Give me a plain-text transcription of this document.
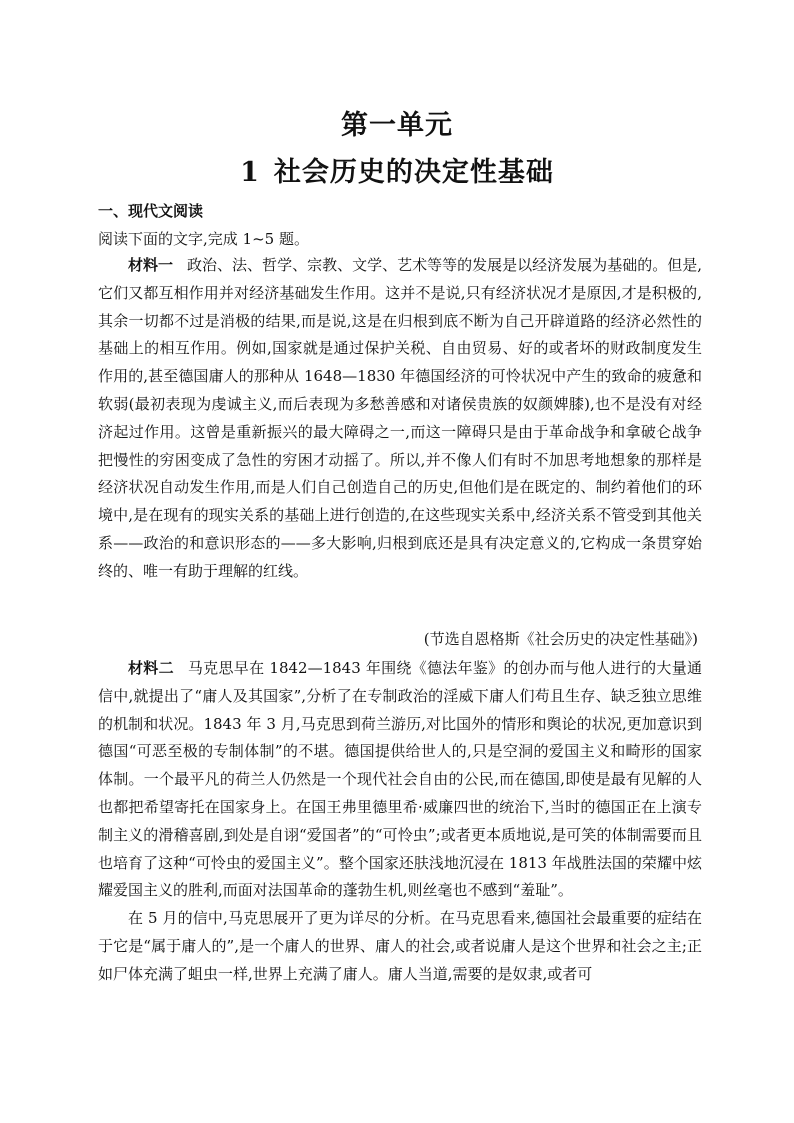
第一单元
1 社会历史的决定性基础
一、现代文阅读
阅读下面的文字,完成 1~5 题。

材料一 政治、法、哲学、宗教、文学、艺术等等的发展是以经济发展为基础的。但是,它们又都互相作用并对经济基础发生作用。这并不是说,只有经济状况才是原因,才是积极的,其余一切都不过是消极的结果,而是说,这是在归根到底不断为自己开辟道路的经济必然性的基础上的相互作用。例如,国家就是通过保护关税、自由贸易、好的或者坏的财政制度发生作用的,甚至德国庸人的那种从 1648—1830 年德国经济的可怜状况中产生的致命的疲惫和软弱(最初表现为虔诚主义,而后表现为多愁善感和对诸侯贵族的奴颜婢膝),也不是没有对经济起过作用。这曾是重新振兴的最大障碍之一,而这一障碍只是由于革命战争和拿破仑战争把慢性的穷困变成了急性的穷困才动摇了。所以,并不像人们有时不加思考地想象的那样是经济状况自动发生作用,而是人们自己创造自己的历史,但他们是在既定的、制约着他们的环境中,是在现有的现实关系的基础上进行创造的,在这些现实关系中,经济关系不管受到其他关系——政治的和意识形态的——多大影响,归根到底还是具有决定意义的,它构成一条贯穿始终的、唯一有助于理解的红线。

(节选自恩格斯《社会历史的决定性基础》)

材料二 马克思早在 1842—1843 年围绕《德法年鉴》的创办而与他人进行的大量通信中,就提出了“庸人及其国家”,分析了在专制政治的淫威下庸人们苟且生存、缺乏独立思维的机制和状况。1843 年 3 月,马克思到荷兰游历,对比国外的情形和舆论的状况,更加意识到德国“可恶至极的专制体制”的不堪。德国提供给世人的,只是空洞的爱国主义和畸形的国家体制。一个最平凡的荷兰人仍然是一个现代社会自由的公民,而在德国,即使是最有见解的人也都把希望寄托在国家身上。在国王弗里德里希·威廉四世的统治下,当时的德国正在上演专制主义的滑稽喜剧,到处是自诩“爱国者”的“可怜虫”;或者更本质地说,是可笑的体制需要而且也培育了这种“可怜虫的爱国主义”。整个国家还肤浅地沉浸在 1813 年战胜法国的荣耀中炫耀爱国主义的胜利,而面对法国革命的蓬勃生机,则丝毫也不感到“羞耻”。

在 5 月的信中,马克思展开了更为详尽的分析。在马克思看来,德国社会最重要的症结在于它是“属于庸人的”,是一个庸人的世界、庸人的社会,或者说庸人是这个世界和社会之主;正如尸体充满了蛆虫一样,世界上充满了庸人。庸人当道,需要的是奴隶,或者可
